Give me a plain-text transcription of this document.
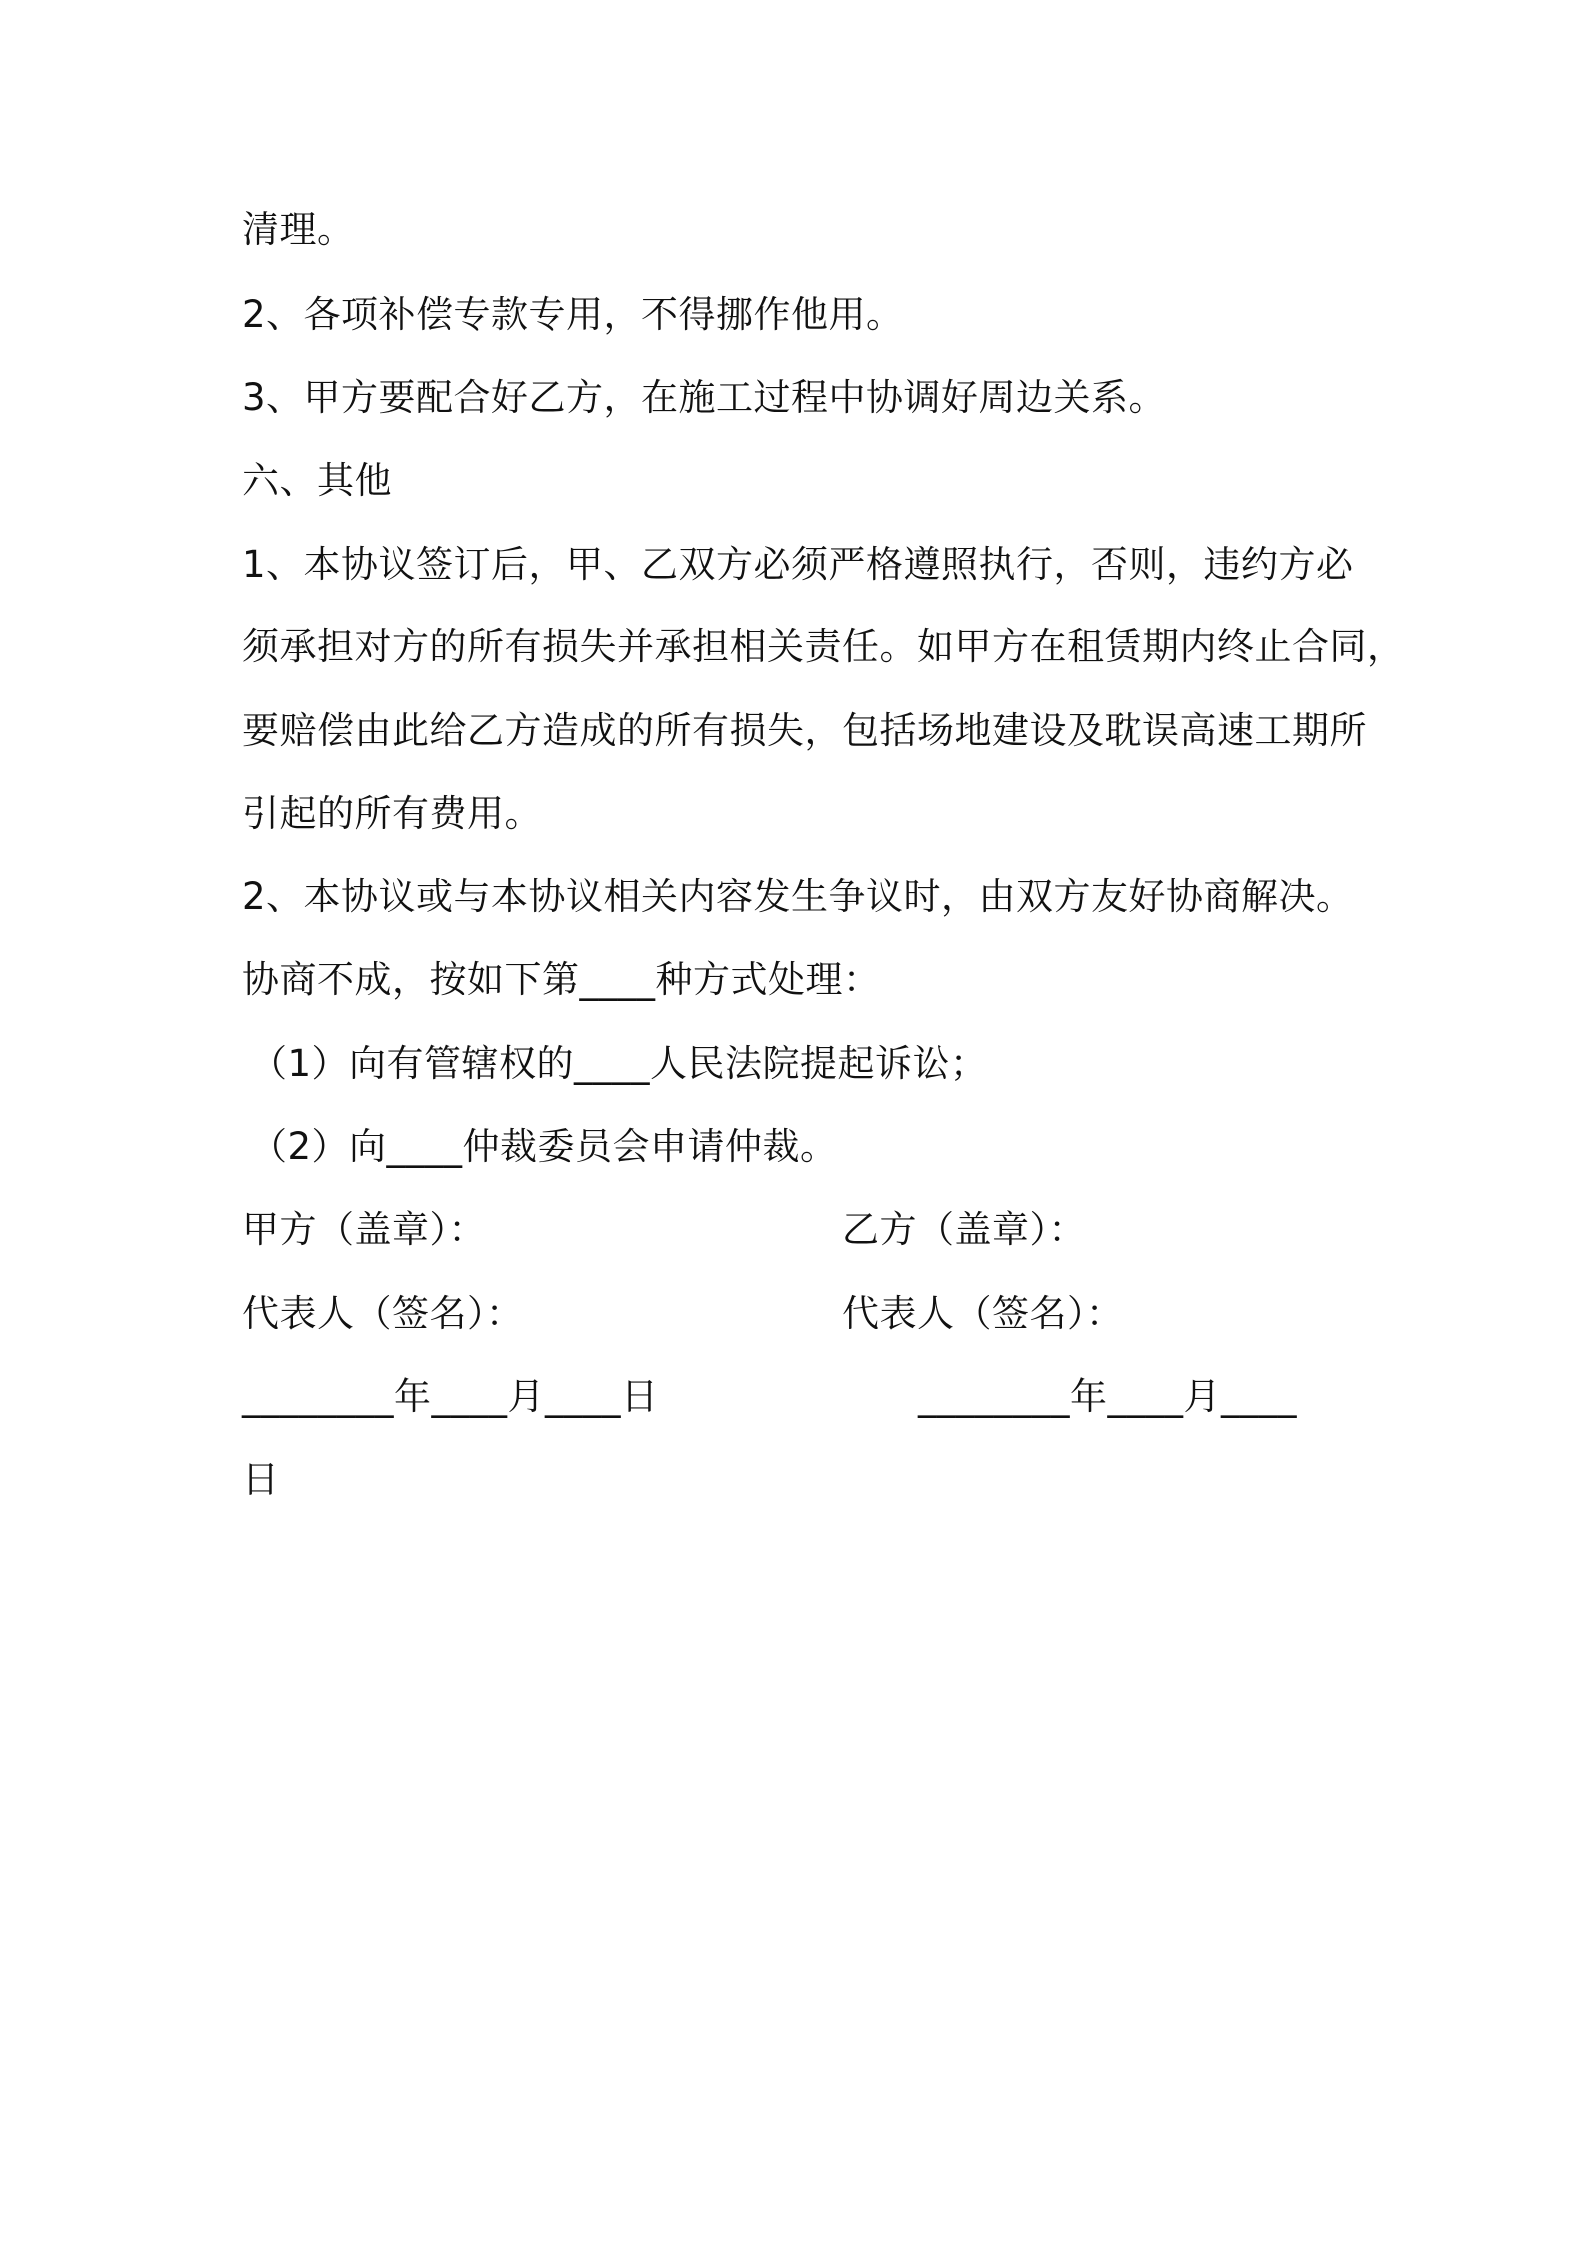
清理。
2、各项补偿专款专用，不得挪作他用。
3、甲方要配合好乙方，在施工过程中协调好周边关系。
六、其他
1、本协议签订后，甲、乙双方必须严格遵照执行，否则，违约方必
须承担对方的所有损失并承担相关责任。如甲方在租赁期内终止合同，
要赔偿由此给乙方造成的所有损失，包括场地建设及耽误高速工期所
引起的所有费用。
2、本协议或与本协议相关内容发生争议时，由双方友好协商解决。
协商不成，按如下第____种方式处理：
（1）向有管辖权的____人民法院提起诉讼；
（2）向____仲裁委员会申请仲裁。
甲方（盖章）：	乙方（盖章）：
代表人（签名）：	代表人（签名）：
________年____月____日	________年____月____
日
